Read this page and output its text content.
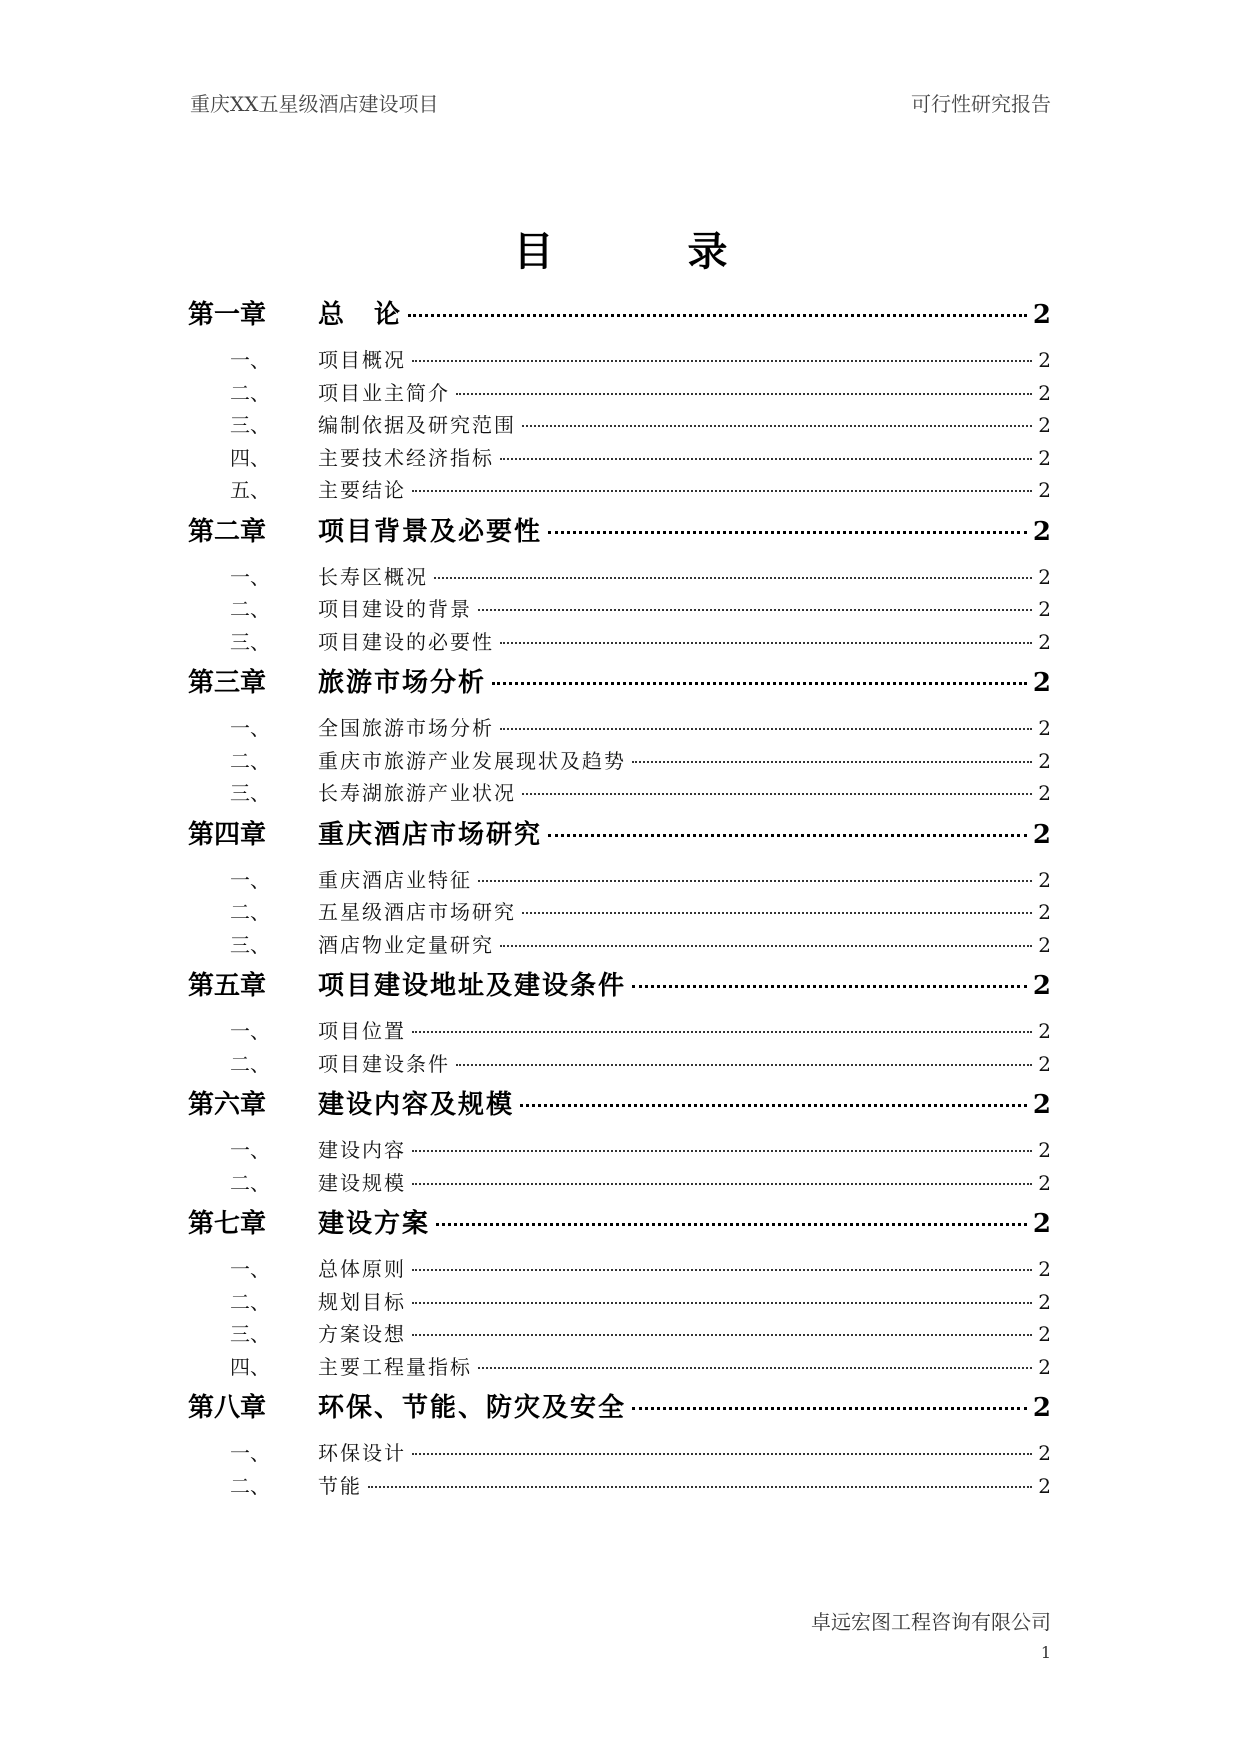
重庆XX五星级酒店建设项目	可行性研究报告
目 录
第一章	总　论	2
一、	项目概况	2
二、	项目业主简介	2
三、	编制依据及研究范围	2
四、	主要技术经济指标	2
五、	主要结论	2
第二章	项目背景及必要性	2
一、	长寿区概况	2
二、	项目建设的背景	2
三、	项目建设的必要性	2
第三章	旅游市场分析	2
一、	全国旅游市场分析	2
二、	重庆市旅游产业发展现状及趋势	2
三、	长寿湖旅游产业状况	2
第四章	重庆酒店市场研究	2
一、	重庆酒店业特征	2
二、	五星级酒店市场研究	2
三、	酒店物业定量研究	2
第五章	项目建设地址及建设条件	2
一、	项目位置	2
二、	项目建设条件	2
第六章	建设内容及规模	2
一、	建设内容	2
二、	建设规模	2
第七章	建设方案	2
一、	总体原则	2
二、	规划目标	2
三、	方案设想	2
四、	主要工程量指标	2
第八章	环保、节能、防灾及安全	2
一、	环保设计	2
二、	节能	2
卓远宏图工程咨询有限公司
1
